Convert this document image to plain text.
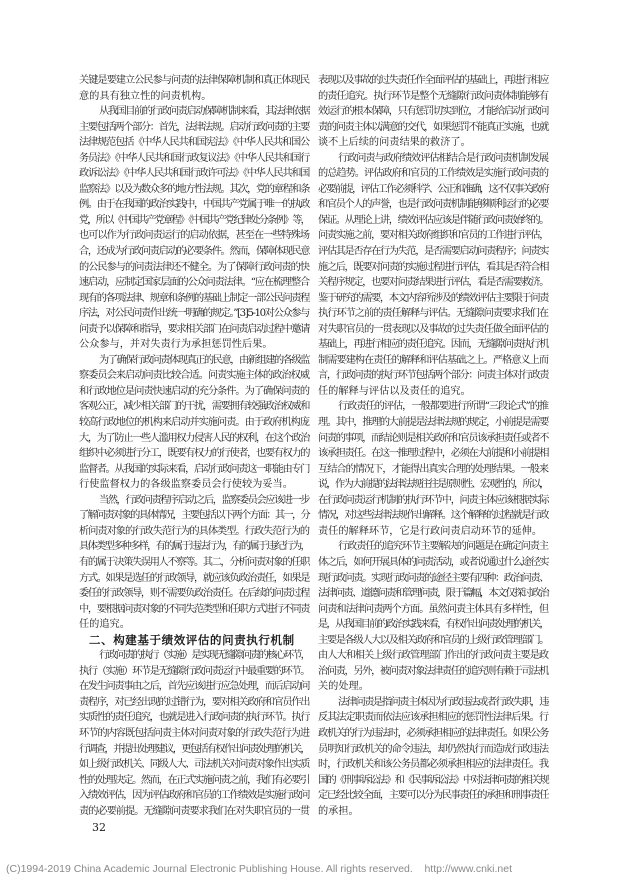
关键是要建立公民参与问责的法律保障机制和真正体现民
意的具有独立性的问责机构。
从我国目前的行政问责启动保障机制来看，其法律依据
主要包括两个部分：首先，法律法规。启动行政问责的主要
法律规范包括《中华人民共和国宪法》《中华人民共和国公
务员法》《中华人民共和国行政复议法》《中华人民共和国行
政诉讼法》《中华人民共和国行政许可法》《中华人民共和国
监察法》以及为数众多的地方性法规。其次，党的章程和条
例。由于在我国的政治实践中，中国共产党属于唯一的执政
党，所以《中国共产党章程》《中国共产党纪律处分条例》等，
也可以作为行政问责运行的启动依据，甚至在一些特殊场
合，还成为行政问责启动的必要条件。然而，保障体现民意
的公民参与的问责法律还不健全。为了保障行政问责的快
速启动，应制定国家层面的公众问责法律。“应在梳理整合
现有的各项法律、规章和条例的基础上制定一部公民问责程
序法，对公民问责作出统一明确的规定。”[3]5-10对公众参与
问责予以保障和指导，要求相关部门在问责启动过程中邀请
公众参与，并对失责行为承担惩罚性后果。
为了确保行政问责体现真正的民意，由新组建的各级监
察委员会来启动问责比较合适。问责实施主体的政治权威
和行政地位是问责快速启动的充分条件。为了确保问责的
客观公正，减少相关部门的干扰，需要拥有较强政治权威和
较高行政地位的机构来启动并实施问责。由于政府机构庞
大，为了防止一些人滥用权力侵害人民的权利，在这个政治
组织中必须进行分工，既要有权力的行使者，也要有权力的
监督者。从我国的实际来看，启动行政问责这一职能由专门
行使监督权力的各级监察委员会行使较为妥当。
当然，行政问责程序启动之后，监察委员会应该进一步
了解问责对象的具体情况，主要包括以下两个方面：其一，分
析问责对象的行政失范行为的具体类型。行政失范行为的
具体类型多种多样，有的属于违法行为，有的属于违纪行为，
有的属于决策失误用人不察等。其二，分析问责对象的任职
方式。如果是选任的行政领导，就应该负政治责任，如果是
委任的行政领导，则不需要负政治责任。在后续的问责过程
中，要根据问责对象的不同失范类型和任职方式进行不同责
任的追究。
二、构建基于绩效评估的问责执行机制
行政问责的执行（实施）是实现无缝隙问责的核心环节，
执行（实施）环节是无缝隙行政问责运行中最重要的环节。
在发生问责事由之后，首先应该进行应急处理，而后启动问
责程序，对已经出现的过错行为，要对相关政府和官员作出
实质性的责任追究，也就是进入行政问责的执行环节。执行
环节的内容既包括问责主体对问责对象的行政失范行为进
行调查，并提出处理建议，更包括有权作出问责处理的机关，
如上级行政机关、同级人大、司法机关对问责对象作出实质
性的处理决定。然而，在正式实施问责之前，我们有必要引
入绩效评估，因为评估政府和官员的工作绩效是实施行政问
责的必要前提。无缝隙问责要求我们在对失职官员的一贯
表现以及事故的过失责任作全面评估的基础上，再进行相应
的责任追究。执行环节是整个无缝隙行政问责体制能够有
效运行的根本保障，只有惩罚切实到位，才能给启动行政问
责的问责主体以满意的交代，如果惩罚不能真正实施，也就
谈不上后续的问责结果的救济了。
行政问责与政府绩效评估相结合是行政问责机制发展
的总趋势。评估政府和官员的工作绩效是实施行政问责的
必要前提，评估工作必须科学、公正和准确，这不仅事关政府
和官员个人的声誉，也是行政问责机制能够顺利运行的必要
保证。从理论上讲，绩效评估应该是伴随行政问责始终的。
问责实施之前，要对相关政府组织和官员的工作进行评估，
评估其是否存在行为失范，是否需要启动问责程序；问责实
施之后，既要对问责的实施过程进行评估，看其是否符合相
关程序规定，也要对问责结果进行评估，看是否需要救济。
鉴于研究的需要，本文内容所涉及的绩效评估主要限于问责
执行环节之前的责任解释与评估。无缝隙问责要求我们在
对失职官员的一贯表现以及事故的过失责任做全面评估的
基础上，再进行相应的责任追究。因而，无缝隙问责执行机
制需要建构在责任的解释和评估基础之上。严格意义上而
言，行政问责的执行环节包括两个部分：问责主体对行政责
任的解释与评估以及责任的追究。
行政责任的评估，一般都要进行所谓“三段论式”的推
理。其中，推理的大前提是法律法规的规定，小前提是需要
问责的事项，而结论则是相关政府和官员该承担责任或者不
该承担责任。在这一推理过程中，必须在大前提和小前提相
互结合的情况下，才能得出真实合理的处理结果。一般来
说，作为大前提的法律法规往往是原则性、宏观性的，所以，
在行政问责运行机制的执行环节中，问责主体应该根据实际
情况，对这些法律法规作出解释。这个解释的过程就是行政
责任的解释环节，它是行政问责启动环节的延伸。
行政责任的追究环节主要解决的问题是在确定问责主
体之后，如何开展具体的问责活动，或者说通过什么途径实
现行政问责。实现行政问责的途径主要有四种：政治问责、
法律问责、道德问责和管理问责，限于篇幅，本文仅探讨政治
问责和法律问责两个方面。虽然问责主体具有多样性，但
是，从我国目前的政治实践来看，有权作出问责处理的机关，
主要是各级人大以及相关政府和官员的上级行政管理部门。
由人大和相关上级行政管理部门作出的行政问责主要是政
治问责，另外，被问责对象法律责任的追究则有赖于司法机
关的处理。
法律问责是指问责主体因为行政违法或者行政失职，违
反其法定职责而依法应该承担相应的惩罚性法律后果。行
政机关的行为违法时，必须承担相应的法律责任。如果公务
员明知行政机关的命令违法，却仍然执行而造成行政违法
时，行政机关和该公务员都必须承担相应的法律责任。我
国的《刑事诉讼法》和《民事诉讼法》中对法律问责的相关规
定已经比较全面，主要可以分为民事责任的承担和刑事责任
的承担。
32
(C)1994-2019 China Academic Journal Electronic Publishing House. All rights reserved.    http://www.cnki.net
